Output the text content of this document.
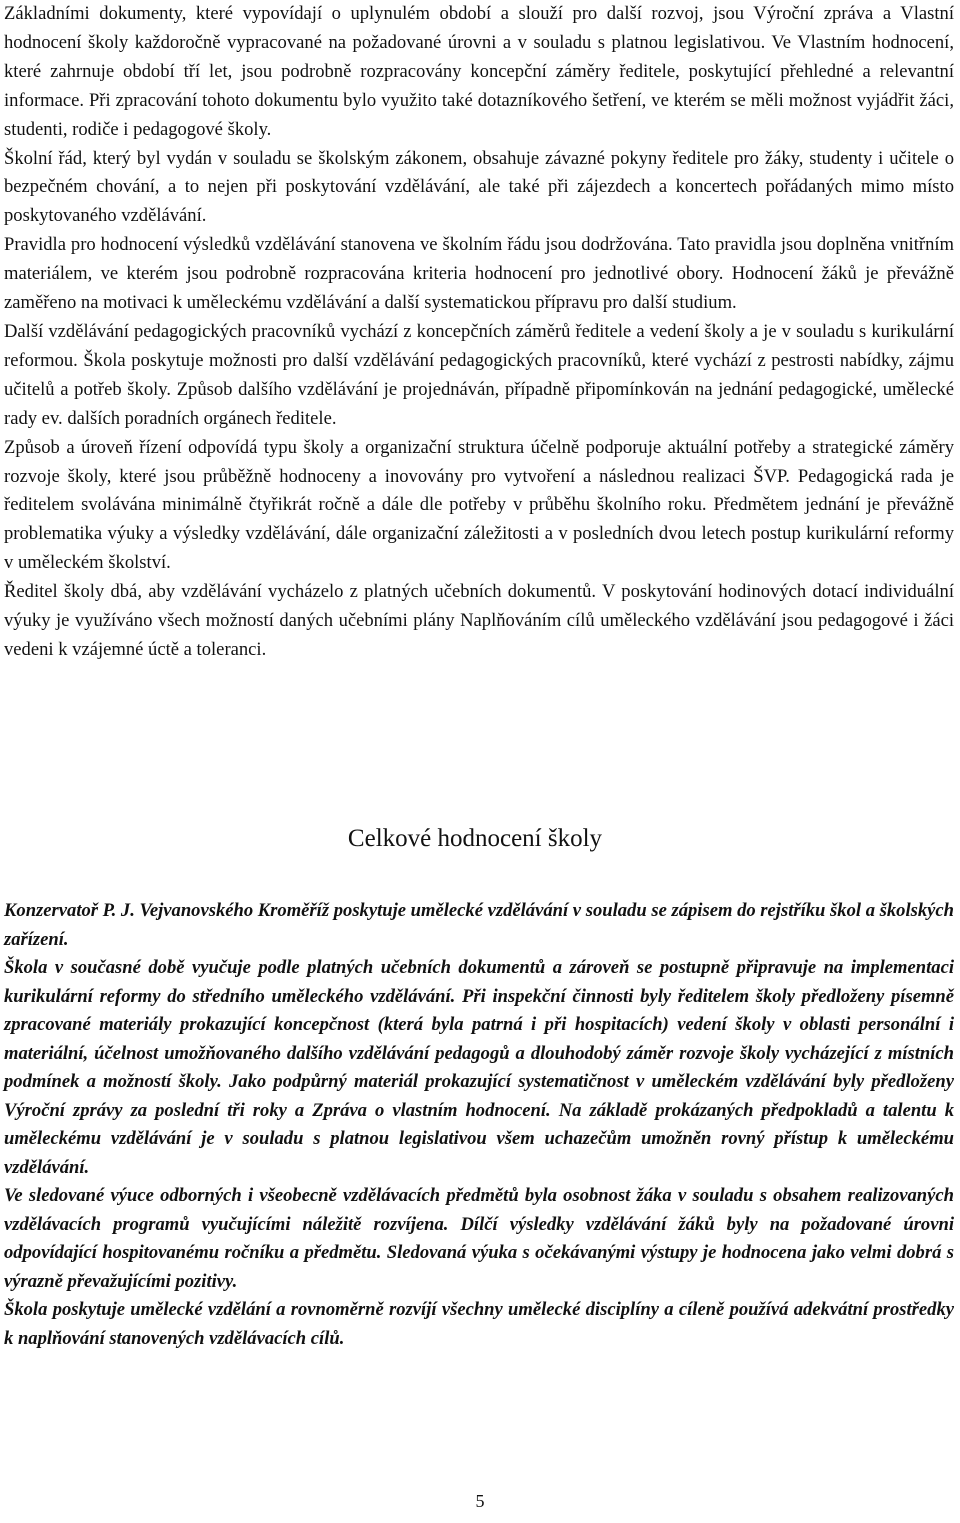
Základními dokumenty, které vypovídají o uplynulém období a slouží pro další rozvoj, jsou Výroční zpráva a Vlastní hodnocení školy každoročně vypracované na požadované úrovni a v souladu s platnou legislativou. Ve Vlastním hodnocení, které zahrnuje období tří let, jsou podrobně rozpracovány koncepční záměry ředitele, poskytující přehledné a relevantní informace. Při zpracování tohoto dokumentu bylo využito také dotazníkového šetření, ve kterém se měli možnost vyjádřit žáci, studenti, rodiče i pedagogové školy.

Školní řád, který byl vydán v souladu se školským zákonem, obsahuje závazné pokyny ředitele pro žáky, studenty i učitele o bezpečném chování, a to nejen při poskytování vzdělávání, ale také při zájezdech a koncertech pořádaných mimo místo poskytovaného vzdělávání.

Pravidla pro hodnocení výsledků vzdělávání stanovena ve školním řádu jsou dodržována. Tato pravidla jsou doplněna vnitřním materiálem, ve kterém jsou podrobně rozpracována kriteria hodnocení pro jednotlivé obory. Hodnocení žáků je převážně zaměřeno na motivaci k uměleckému vzdělávání a další systematickou přípravu pro další studium.

Další vzdělávání pedagogických pracovníků vychází z koncepčních záměrů ředitele a vedení školy a je v souladu s kurikulární reformou. Škola poskytuje možnosti pro další vzdělávání pedagogických pracovníků, které vychází z pestrosti nabídky, zájmu učitelů a potřeb školy. Způsob dalšího vzdělávání je projednáván, případně připomínkován na jednání pedagogické, umělecké rady ev. dalších poradních orgánech ředitele.

Způsob a úroveň řízení odpovídá typu školy a organizační struktura účelně podporuje aktuální potřeby a strategické záměry rozvoje školy, které jsou průběžně hodnoceny a inovovány pro vytvoření a následnou realizaci ŠVP. Pedagogická rada je ředitelem svolávána minimálně čtyřikrát ročně a dále dle potřeby v průběhu školního roku. Předmětem jednání je převážně problematika výuky a výsledky vzdělávání, dále organizační záležitosti a v posledních dvou letech postup kurikulární reformy v uměleckém školství.

Ředitel školy dbá, aby vzdělávání vycházelo z platných učebních dokumentů. V poskytování hodinových dotací individuální výuky je využíváno všech možností daných učebními plány Naplňováním cílů uměleckého vzdělávání jsou pedagogové i žáci vedeni k vzájemné úctě a toleranci.

Celkové hodnocení školy

Konzervatoř P. J. Vejvanovského Kroměříž poskytuje umělecké vzdělávání v souladu se zápisem do rejstříku škol a školských zařízení.

Škola v současné době vyučuje podle platných učebních dokumentů a zároveň se postupně připravuje na implementaci kurikulární reformy do středního uměleckého vzdělávání. Při inspekční činnosti byly ředitelem školy předloženy písemně zpracované materiály prokazující koncepčnost (která byla patrná i při hospitacích) vedení školy v oblasti personální i materiální, účelnost umožňovaného dalšího vzdělávání pedagogů a dlouhodobý záměr rozvoje školy vycházející z místních podmínek a možností školy. Jako podpůrný materiál prokazující systematičnost v uměleckém vzdělávání byly předloženy Výroční zprávy za poslední tři roky a Zpráva o vlastním hodnocení. Na základě prokázaných předpokladů a talentu k uměleckému vzdělávání je v souladu s platnou legislativou všem uchazečům umožněn rovný přístup k uměleckému vzdělávání.

Ve sledované výuce odborných i všeobecně vzdělávacích předmětů byla osobnost žáka v souladu s obsahem realizovaných vzdělávacích programů vyučujícími náležitě rozvíjena. Dílčí výsledky vzdělávání žáků byly na požadované úrovni odpovídající hospitovanému ročníku a předmětu. Sledovaná výuka s očekávanými výstupy je hodnocena jako velmi dobrá s výrazně převažujícími pozitivy.

Škola poskytuje umělecké vzdělání a rovnoměrně rozvíjí všechny umělecké disciplíny a cíleně používá adekvátní prostředky k naplňování stanovených vzdělávacích cílů.

5
